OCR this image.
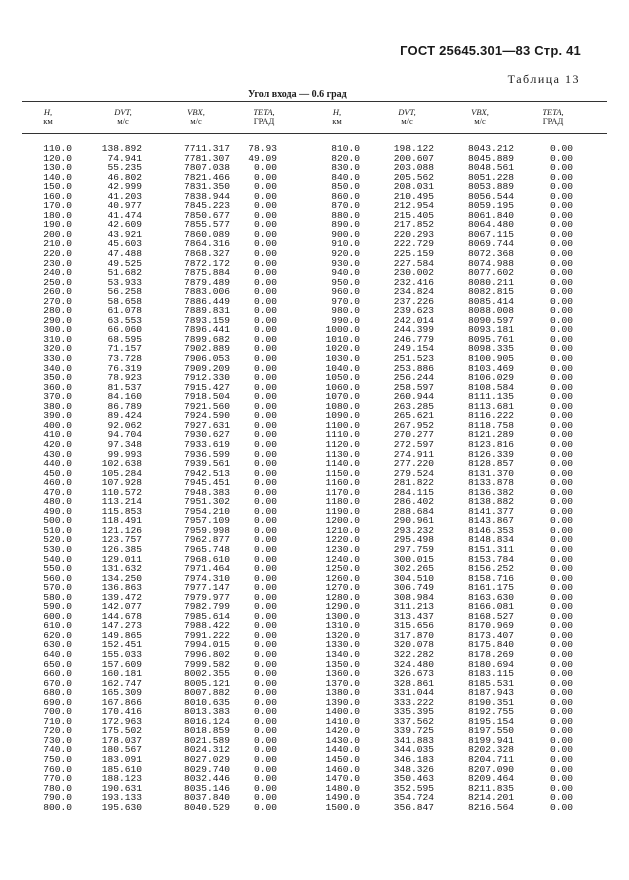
ГОСТ 25645.301—83 Стр. 41
Таблица 13
Угол входа — 0.6 град
H,
км
DVT,
м/с
VBX,
м/с
TETA,
ГРАД
H,
км
DVT,
м/с
VBX,
м/с
TETA,
ГРАД
110.0
120.0
130.0
140.0
150.0
160.0
170.0
180.0
190.0
200.0
210.0
220.0
230.0
240.0
250.0
260.0
270.0
280.0
290.0
300.0
310.0
320.0
330.0
340.0
350.0
360.0
370.0
380.0
390.0
400.0
410.0
420.0
430.0
440.0
450.0
460.0
470.0
480.0
490.0
500.0
510.0
520.0
530.0
540.0
550.0
560.0
570.0
580.0
590.0
600.0
610.0
620.0
630.0
640.0
650.0
660.0
670.0
680.0
690.0
700.0
710.0
720.0
730.0
740.0
750.0
760.0
770.0
780.0
790.0
800.0
138.892
74.941
55.235
46.802
42.999
41.203
40.977
41.474
42.609
43.921
45.603
47.488
49.525
51.682
53.933
56.258
58.658
61.078
63.553
66.060
68.595
71.157
73.728
76.319
78.923
81.537
84.160
86.789
89.424
92.062
94.704
97.348
99.993
102.638
105.284
107.928
110.572
113.214
115.853
118.491
121.126
123.757
126.385
129.011
131.632
134.250
136.863
139.472
142.077
144.678
147.273
149.865
152.451
155.033
157.609
160.181
162.747
165.309
167.866
170.416
172.963
175.502
178.037
180.567
183.091
185.610
188.123
190.631
193.133
195.630
7711.317
7781.307
7807.038
7821.466
7831.350
7838.944
7845.223
7850.677
7855.577
7860.089
7864.316
7868.327
7872.172
7875.884
7879.489
7883.006
7886.449
7889.831
7893.159
7896.441
7899.682
7902.889
7906.053
7909.209
7912.330
7915.427
7918.504
7921.560
7924.590
7927.631
7930.627
7933.619
7936.599
7939.561
7942.513
7945.451
7948.383
7951.302
7954.210
7957.109
7959.998
7962.877
7965.748
7968.610
7971.464
7974.310
7977.147
7979.977
7982.799
7985.614
7988.422
7991.222
7994.015
7996.802
7999.582
8002.355
8005.121
8007.882
8010.635
8013.383
8016.124
8018.859
8021.589
8024.312
8027.029
8029.740
8032.446
8035.146
8037.840
8040.529
78.93
49.09
0.00
0.00
0.00
0.00
0.00
0.00
0.00
0.00
0.00
0.00
0.00
0.00
0.00
0.00
0.00
0.00
0.00
0.00
0.00
0.00
0.00
0.00
0.00
0.00
0.00
0.00
0.00
0.00
0.00
0.00
0.00
0.00
0.00
0.00
0.00
0.00
0.00
0.00
0.00
0.00
0.00
0.00
0.00
0.00
0.00
0.00
0.00
0.00
0.00
0.00
0.00
0.00
0.00
0.00
0.00
0.00
0.00
0.00
0.00
0.00
0.00
0.00
0.00
0.00
0.00
0.00
0.00
0.00
810.0
820.0
830.0
840.0
850.0
860.0
870.0
880.0
890.0
900.0
910.0
920.0
930.0
940.0
950.0
960.0
970.0
980.0
990.0
1000.0
1010.0
1020.0
1030.0
1040.0
1050.0
1060.0
1070.0
1080.0
1090.0
1100.0
1110.0
1120.0
1130.0
1140.0
1150.0
1160.0
1170.0
1180.0
1190.0
1200.0
1210.0
1220.0
1230.0
1240.0
1250.0
1260.0
1270.0
1280.0
1290.0
1300.0
1310.0
1320.0
1330.0
1340.0
1350.0
1360.0
1370.0
1380.0
1390.0
1400.0
1410.0
1420.0
1430.0
1440.0
1450.0
1460.0
1470.0
1480.0
1490.0
1500.0
198.122
200.607
203.088
205.562
208.031
210.495
212.954
215.405
217.852
220.293
222.729
225.159
227.584
230.002
232.416
234.824
237.226
239.623
242.014
244.399
246.779
249.154
251.523
253.886
256.244
258.597
260.944
263.285
265.621
267.952
270.277
272.597
274.911
277.220
279.524
281.822
284.115
286.402
288.684
290.961
293.232
295.498
297.759
300.015
302.265
304.510
306.749
308.984
311.213
313.437
315.656
317.870
320.078
322.282
324.480
326.673
328.861
331.044
333.222
335.395
337.562
339.725
341.883
344.035
346.183
348.326
350.463
352.595
354.724
356.847
8043.212
8045.889
8048.561
8051.228
8053.889
8056.544
8059.195
8061.840
8064.480
8067.115
8069.744
8072.368
8074.988
8077.602
8080.211
8082.815
8085.414
8088.008
8090.597
8093.181
8095.761
8098.335
8100.905
8103.469
8106.029
8108.584
8111.135
8113.681
8116.222
8118.758
8121.289
8123.816
8126.339
8128.857
8131.370
8133.878
8136.382
8138.882
8141.377
8143.867
8146.353
8148.834
8151.311
8153.784
8156.252
8158.716
8161.175
8163.630
8166.081
8168.527
8170.969
8173.407
8175.840
8178.269
8180.694
8183.115
8185.531
8187.943
8190.351
8192.755
8195.154
8197.550
8199.941
8202.328
8204.711
8207.090
8209.464
8211.835
8214.201
8216.564
0.00
0.00
0.00
0.00
0.00
0.00
0.00
0.00
0.00
0.00
0.00
0.00
0.00
0.00
0.00
0.00
0.00
0.00
0.00
0.00
0.00
0.00
0.00
0.00
0.00
0.00
0.00
0.00
0.00
0.00
0.00
0.00
0.00
0.00
0.00
0.00
0.00
0.00
0.00
0.00
0.00
0.00
0.00
0.00
0.00
0.00
0.00
0.00
0.00
0.00
0.00
0.00
0.00
0.00
0.00
0.00
0.00
0.00
0.00
0.00
0.00
0.00
0.00
0.00
0.00
0.00
0.00
0.00
0.00
0.00
